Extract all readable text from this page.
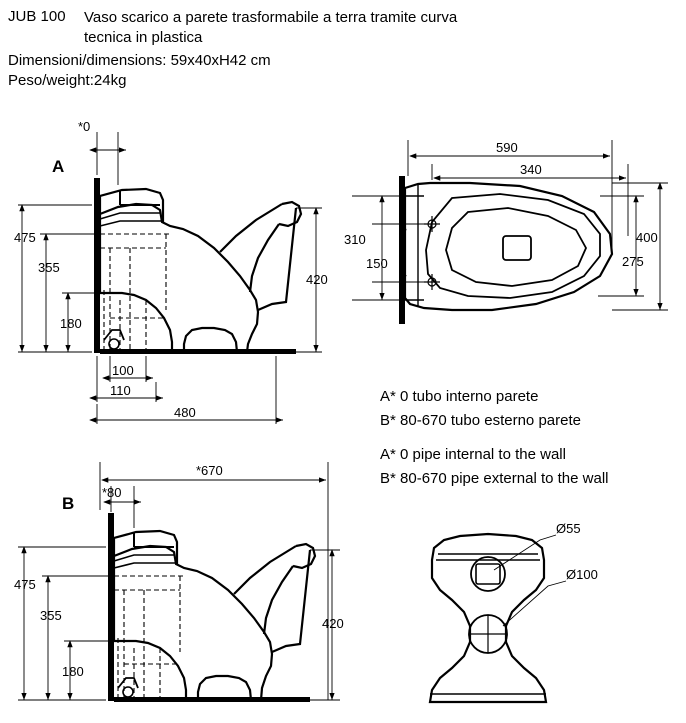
JUB 100 Vaso scarico a parete trasformabile a terra tramite curva tecnica in plastica
Dimensioni/dimensions: 59x40xH42 cm
Peso/weight:24kg
A
B
A* 0 tubo interno parete
B* 80-670 tubo esterno parete
A* 0 pipe internal to the wall
B* 80-670 pipe external to the wall
*0
475
355
180
420
100
110
480
590
340
310
150
400
275
*670
*80
475
355
180
420
Ø55
Ø100
